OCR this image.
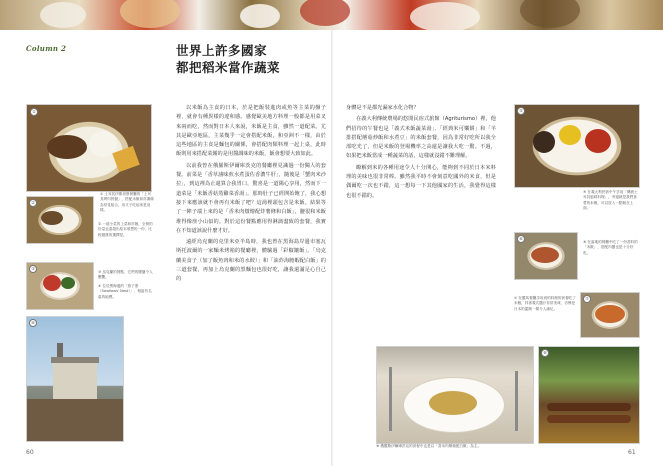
Column 2	世界上許多國家
都把稻米當作蔬菜
①
① 土耳其伊斯坦堡餐廳的「土耳其烤肉拼盤」，搭配米飯和炸薯條為常見組合，用叉子吃起來是這樣。
②
② 一道小菜的上菜和炸飯，全餐的份量也遠超出原本預想的一份，比較健康的選擇是。
③
③ 烏克蘭的餐點，它們的擺盤令人驚艷。
④ 位於黑海邊的「燕子堡（Swallows' Nest）」，相當有名氣的地標。
④

以米飯為主食的日本，於是把飯裝進肉或魚等主菜的盤子裡，就會有種異樣的違和感。感覺歐美地方料理一般都是用菜叉來兩而吃，然而對日本人來說，米飯是主食，雖然一道配菜。尤其是歐亞地區，主菜幾乎一定會搭配米飯，和亞洲不一樣，由於這些地區的主食是麵包的關係，會搭配肉類料理一起上桌，此時飯則用來搭配菜餚的是用醬調味的米飯，飯會想要大致如此。

以前我曾在俄羅斯伊爾庫茨克的餐廳裡見識過一份獨人的套餐。前菜是「香草滷味煎水煮蛋佐香濃牛肝」，隨後是「蟹肉米沙拉」，到這裡為止還算合我胃口，驚喜是一道陽心享用，然而下一道菜是「米飯香菇蒸雞菜香湯」。那時肚子已經開始飽了，我心想接下來應該就不會再有米飯了吧？這湯裡頭包含是米飯。結果等了一陣子端上來的是「香米肉燉燴配炸薯條和白飯」，鹽很和米飯堆得像座小山似的。對於這份餐點應用得淋漓盡致的套餐，我實在不知道該說什麼才好。

遠經烏克蘭的克里米亞半島時，我也曾在黑海島岸邊市塞瓦斯托波爾的一家麵米烤箱的餐廳裡，體驗過「彩椒鑲飯」。「烏克蘭美食子（加了飯魚肉和米的水餃）」和「油炸海膽蝦配白飯」的三道套餐，再加上烏克蘭的黑麵包也很好吃，讓我還滿足心自己的

身體是不是都光漏家水化合物？

在義大利傳統農場的悠閒民宿式旅館（Agriturismo）裡，他們招待的午餐也是「義式米飯蔬菜湯」、「經典米可樂餅」和「羊排搭配蘑菇炒飯和水煮豆」的米飯套餐，因為非常好吃所以我全部吃光了，但是米飯的登場機率之高還是讓我大吃一驚。不過，如果把米飯當成一種蔬菜的話，這樣就沒錯不難理解。

瞭解到米的各種用途令人十分開心，能夠到不同於日本米料理的美味也很非常棒。雖然我平時不會刻意吃國外的米食，但是偶爾吃一次也不錯，這一想每一下其他國家的生活，我覺得這樣也很不錯的。

⑤
⑤ 在義大利民宿中午享用「傳統土耳其風味料理」，旁邊就是我們喜愛的米飯，可以放入一點飯在上面。
⑥
⑥ 在當地的餐廳中吃了一份香料的「米飯」，搭配肉醬也是十分好吃。
⑦ 在羅馬餐廳享用到的料理的套餐吃了米飯，拌著義式醬汁非常美味，彷彿是日本的蓋飯一樣令人滿足。
⑦
⑧
60	61
⑧ 俄羅斯伊爾庫茨克的套餐中也是以「香米肉燉燴配白飯」為主。
